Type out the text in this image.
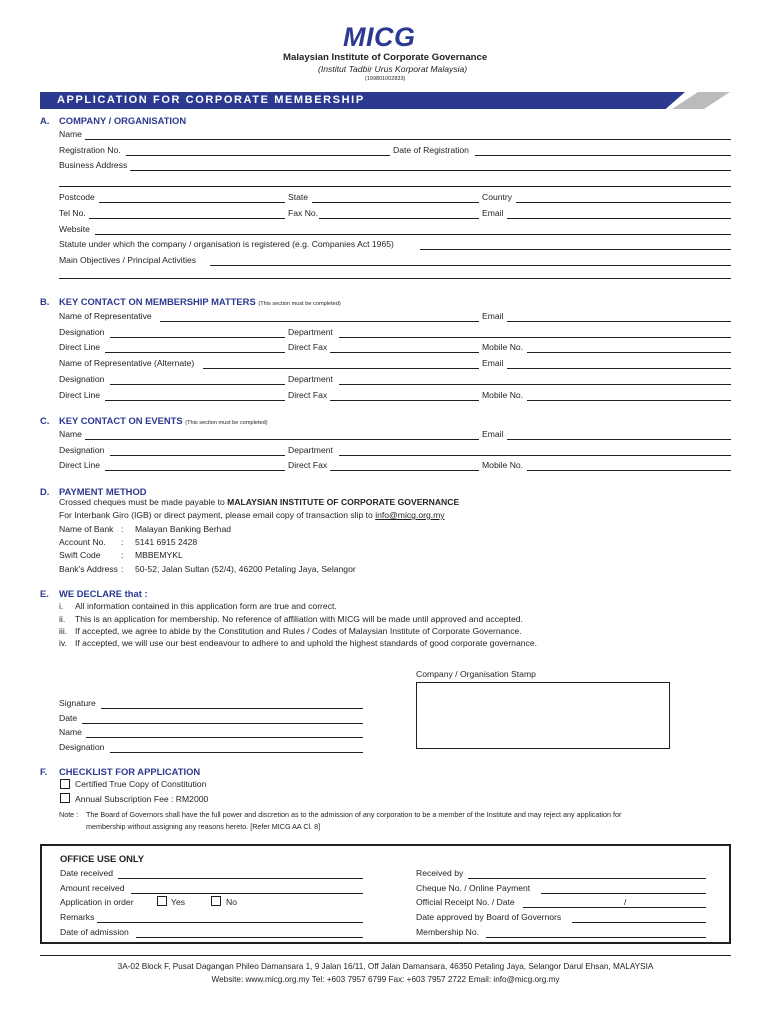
MICG
Malaysian Institute of Corporate Governance
(Institut Tadbir Urus Korporat Malaysia)
(199801002833)
APPLICATION FOR CORPORATE MEMBERSHIP
A. COMPANY / ORGANISATION
Name
Registration No.	Date of Registration
Business Address
Postcode	State	Country
Tel No.	Fax No.	Email
Website
Statute under which the company / organisation is registered (e.g. Companies Act 1965)
Main Objectives / Principal Activities
B. KEY CONTACT ON MEMBERSHIP MATTERS (This section must be completed)
Name of Representative	Email
Designation	Department
Direct Line	Direct Fax	Mobile No.
Name of Representative (Alternate)	Email
Designation	Department
Direct Line	Direct Fax	Mobile No.
C. KEY CONTACT ON EVENTS (This section must be completed)
Name	Email
Designation	Department
Direct Line	Direct Fax	Mobile No.
D. PAYMENT METHOD
Crossed cheques must be made payable to MALAYSIAN INSTITUTE OF CORPORATE GOVERNANCE
For Interbank Giro (IGB) or direct payment, please email copy of transaction slip to info@micg.org.my
Name of Bank : Malayan Banking Berhad
Account No. : 5141 6915 2428
Swift Code : MBBEMYKL
Bank's Address : 50-52, Jalan Sultan (52/4), 46200 Petaling Jaya, Selangor
E. WE DECLARE that :
i. All information contained in this application form are true and correct.
ii. This is an application for membership. No reference of affiliation with MICG will be made until approved and accepted.
iii. If accepted, we agree to abide by the Constitution and Rules / Codes of Malaysian Institute of Corporate Governance.
iv. If accepted, we will use our best endeavour to adhere to and uphold the highest standards of good corporate governance.
Company / Organisation Stamp
Signature
Date
Name
Designation
F. CHECKLIST FOR APPLICATION
Certified True Copy of Constitution
Annual Subscription Fee : RM2000
Note : The Board of Governors shall have the full power and discretion as to the admission of any corporation to be a member of the Institute and may reject any application for
membership without assigning any reasons hereto. [Refer MICG AA Cl. 8]
OFFICE USE ONLY
Date received
Amount received
Application in order	Yes	No
Remarks
Date of admission
Received by
Cheque No. / Online Payment
Official Receipt No. / Date	/
Date approved by Board of Governors
Membership No.
3A-02 Block F, Pusat Dagangan Phileo Damansara 1, 9 Jalan 16/11, Off Jalan Damansara, 46350 Petaling Jaya, Selangor Darul Ehsan, MALAYSIA
Website: www.micg.org.my Tel: +603 7957 6799 Fax: +603 7957 2722 Email: info@micg.org.my
